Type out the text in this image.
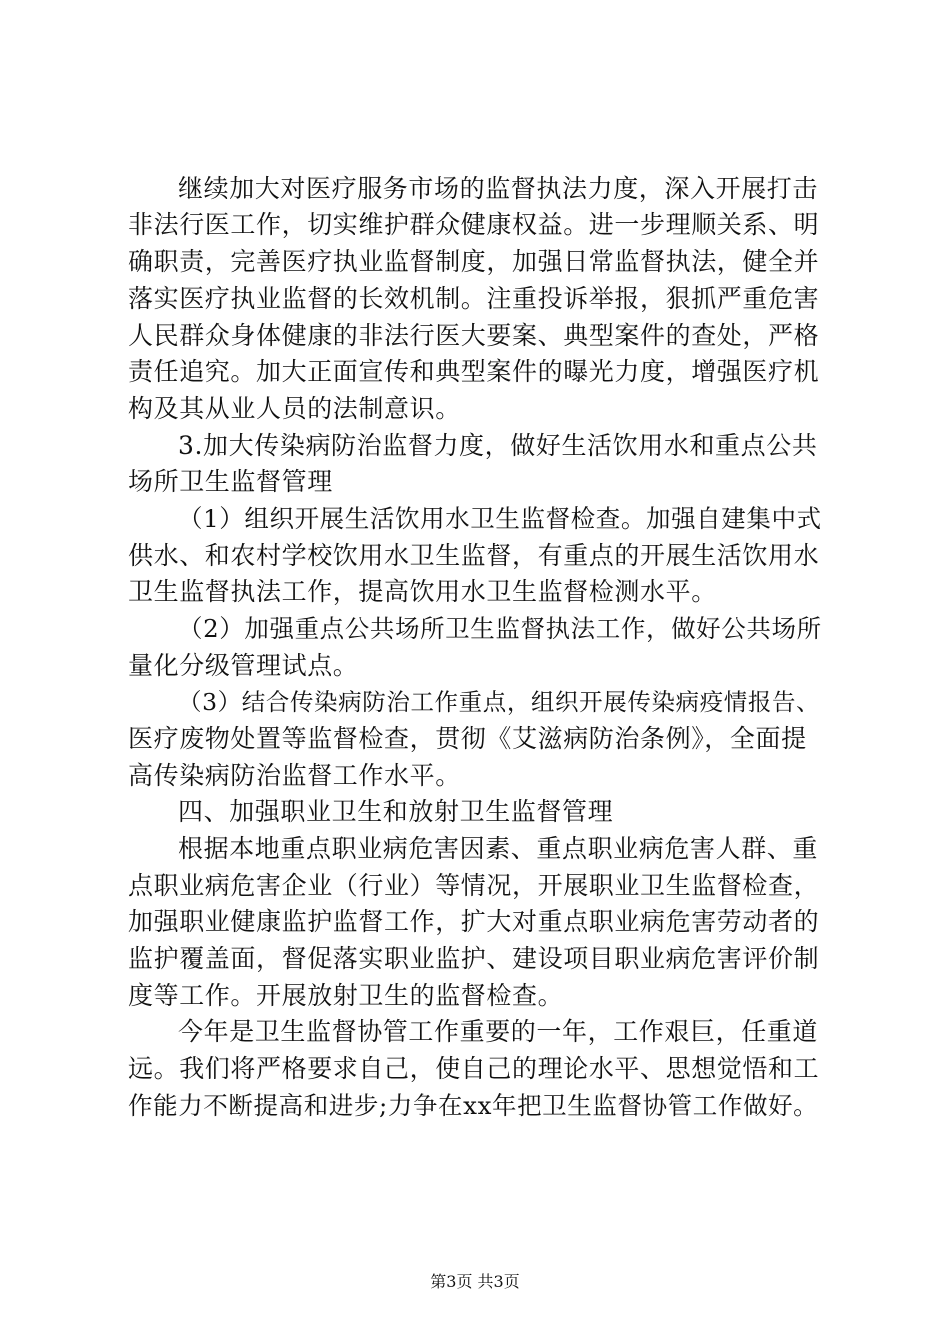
继续加大对医疗服务市场的监督执法力度，深入开展打击
非法行医工作，切实维护群众健康权益。进一步理顺关系、明
确职责，完善医疗执业监督制度，加强日常监督执法，健全并
落实医疗执业监督的长效机制。注重投诉举报，狠抓严重危害
人民群众身体健康的非法行医大要案、典型案件的查处，严格
责任追究。加大正面宣传和典型案件的曝光力度，增强医疗机
构及其从业人员的法制意识。
3.加大传染病防治监督力度，做好生活饮用水和重点公共
场所卫生监督管理
（1）组织开展生活饮用水卫生监督检查。加强自建集中式
供水、和农村学校饮用水卫生监督，有重点的开展生活饮用水
卫生监督执法工作，提高饮用水卫生监督检测水平。
（2）加强重点公共场所卫生监督执法工作，做好公共场所
量化分级管理试点。
（3）结合传染病防治工作重点，组织开展传染病疫情报告、
医疗废物处置等监督检查，贯彻《艾滋病防治条例》，全面提
高传染病防治监督工作水平。
四、加强职业卫生和放射卫生监督管理
根据本地重点职业病危害因素、重点职业病危害人群、重
点职业病危害企业（行业）等情况，开展职业卫生监督检查，
加强职业健康监护监督工作，扩大对重点职业病危害劳动者的
监护覆盖面，督促落实职业监护、建设项目职业病危害评价制
度等工作。开展放射卫生的监督检查。
今年是卫生监督协管工作重要的一年，工作艰巨，任重道
远。我们将严格要求自己，使自己的理论水平、思想觉悟和工
作能力不断提高和进步;力争在xx年把卫生监督协管工作做好。
第3页 共3页
